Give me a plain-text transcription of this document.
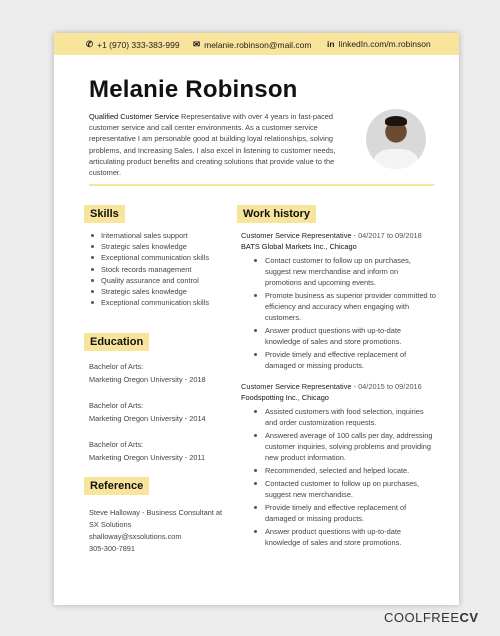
✆ +1 (970) 333-383-999 ✉ melanie.robinson@mail.com in linkedIn.com/m.robinson
Melanie Robinson
Qualified Customer Service Representative with over 4 years in fast-paced customer service and call center environments. As a customer service representative I am personable good at building loyal relationships, solving problems, and Increasing Sales. I also excel in listening to customer needs, articulating product benefits and creating solutions that provide value to the customer.
Skills
International sales support
Strategic sales knowledge
Exceptional communication skills
Stock records management
Quality assurance and control
Strategic sales knowledge
Exceptional communication skills
Education
Bachelor of Arts:
Marketing Oregon University - 2018
Bachelor of Arts:
Marketing Oregon University - 2014
Bachelor of Arts:
Marketing Oregon University - 2011
Reference
Steve Halloway - Business Consultant at
SX Solutions
shalloway@sxsolutions.com
305-300-7891
Work history
Customer Service Representative - 04/2017 to 09/2018
BATS Global Markets Inc., Chicago
Contact customer to follow up on purchases, suggest new merchandise and inform on promotions and upcoming events.
Promote business as superior provider committed to efficiency and accuracy when engaging with customers.
Answer product questions with up-to-date knowledge of sales and store promotions.
Provide timely and effective replacement of damaged or missing products.
Customer Service Representative - 04/2015 to 09/2016
Foodspotting Inc., Chicago
Assisted customers with food selection, inquiries and order customization requests.
Answered average of 100 calls per day, addressing customer inquiries, solving problems and providing new product information.
Recommended, selected and helped locate.
Contacted customer to follow up on purchases, suggest new merchandise.
Provide timely and effective replacement of damaged or missing products.
Answer product questions with up-to-date knowledge of sales and store promotions.
COOLFREECV
